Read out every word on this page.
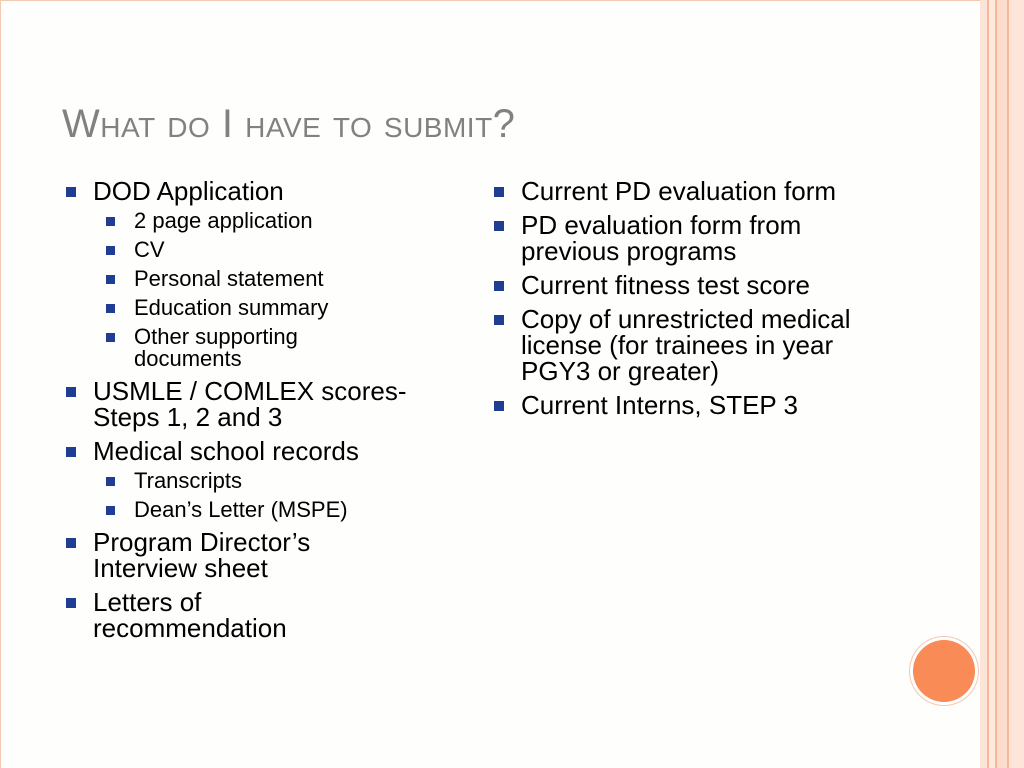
What do I have to submit?
DOD Application
2 page application
CV
Personal statement
Education summary
Other supporting documents
USMLE / COMLEX scores- Steps 1, 2 and 3
Medical school records
Transcripts
Dean’s Letter (MSPE)
Program Director’s Interview sheet
Letters of recommendation
Current PD evaluation form
PD evaluation form from previous programs
Current fitness test score
Copy of unrestricted medical license (for trainees in year PGY3 or greater)
Current Interns, STEP 3
